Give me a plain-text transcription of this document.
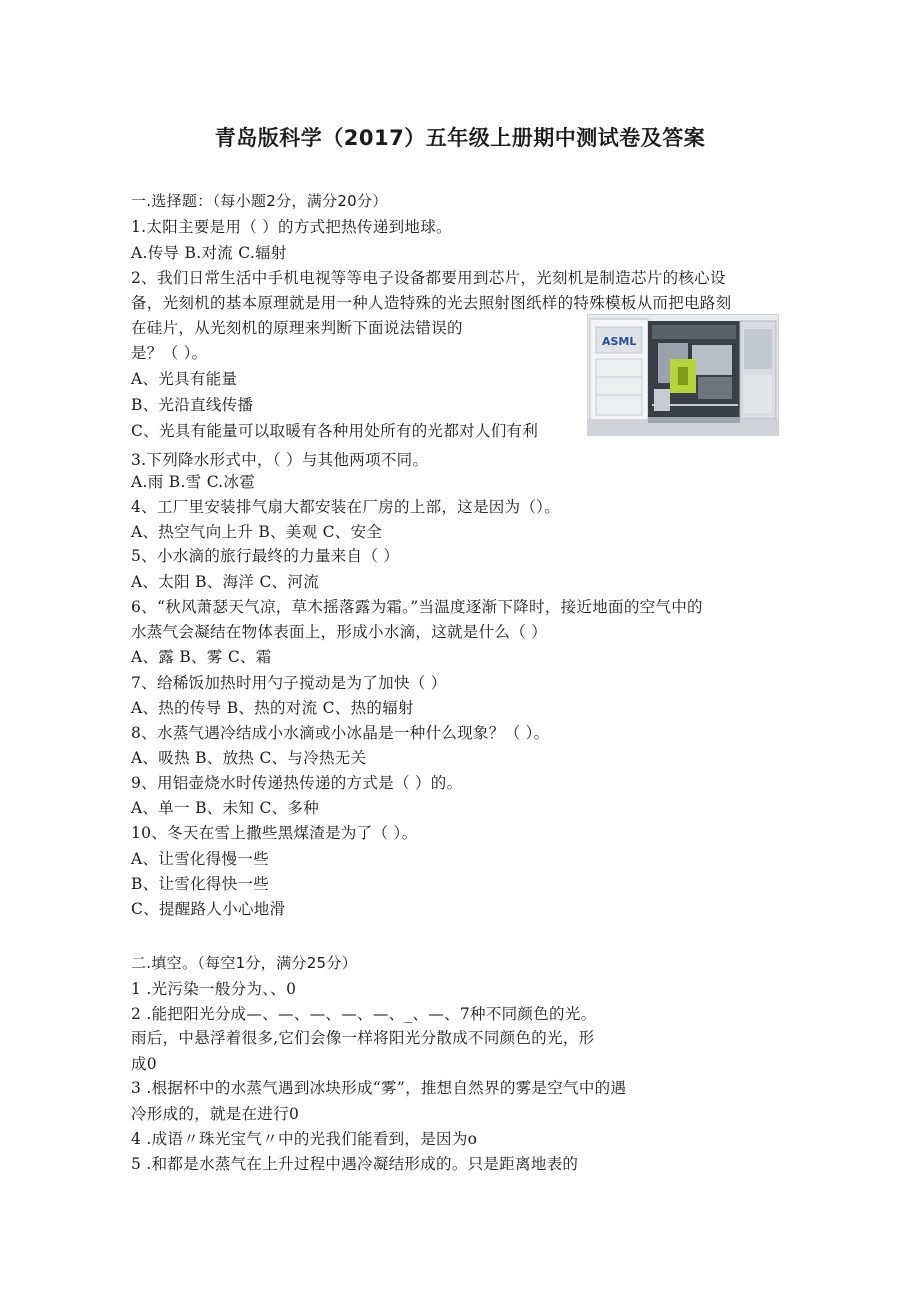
青岛版科学（2017）五年级上册期中测试卷及答案
一.选择题：（每小题2分，满分20分）
1.太阳主要是用（ ）的方式把热传递到地球。
A.传导 B.对流 C.辐射
2、我们日常生活中手机电视等等电子设备都要用到芯片，光刻机是制造芯片的核心设
备，光刻机的基本原理就是用一种人造特殊的光去照射图纸样的特殊模板从而把电路刻
在硅片，从光刻机的原理来判断下面说法错误的
是？（ ）。
A、光具有能量
B、光沿直线传播
C、光具有能量可以取暖有各种用处所有的光都对人们有利
3.下列降水形式中，（ ）与其他两项不同。
A.雨 B.雪 C.冰雹
4、工厂里安装排气扇大都安装在厂房的上部，这是因为（）。
A、热空气向上升 B、美观 C、安全
5、小水滴的旅行最终的力量来自（ ）
A、太阳 B、海洋 C、河流
6、“秋风萧瑟天气凉，草木摇落露为霜。”当温度逐渐下降时，接近地面的空气中的
水蒸气会凝结在物体表面上，形成小水滴，这就是什么（ ）
A、露 B、雾 C、霜
7、给稀饭加热时用勺子搅动是为了加快（ ）
A、热的传导 B、热的对流 C、热的辐射
8、水蒸气遇冷结成小水滴或小冰晶是一种什么现象？（ ）。
A、吸热 B、放热 C、与冷热无关
9、用铝壶烧水时传递热传递的方式是（ ）的。
A、单一 B、未知 C、多种
10、冬天在雪上撒些黑煤渣是为了（ ）。
A、让雪化得慢一些
B、让雪化得快一些
C、提醒路人小心地滑
ASML
二.填空。（每空1分，满分25分）
1 .光污染一般分为、、0
2 .能把阳光分成—、—、—、—、—、_、—、7种不同颜色的光。
雨后，中悬浮着很多,它们会像一样将阳光分散成不同颜色的光，形
成0
3 .根据杯中的水蒸气遇到冰块形成“雾”，推想自然界的雾是空气中的遇
冷形成的，就是在进行0
4 .成语〃珠光宝气〃中的光我们能看到，是因为o
5 .和都是水蒸气在上升过程中遇冷凝结形成的。只是距离地表的
